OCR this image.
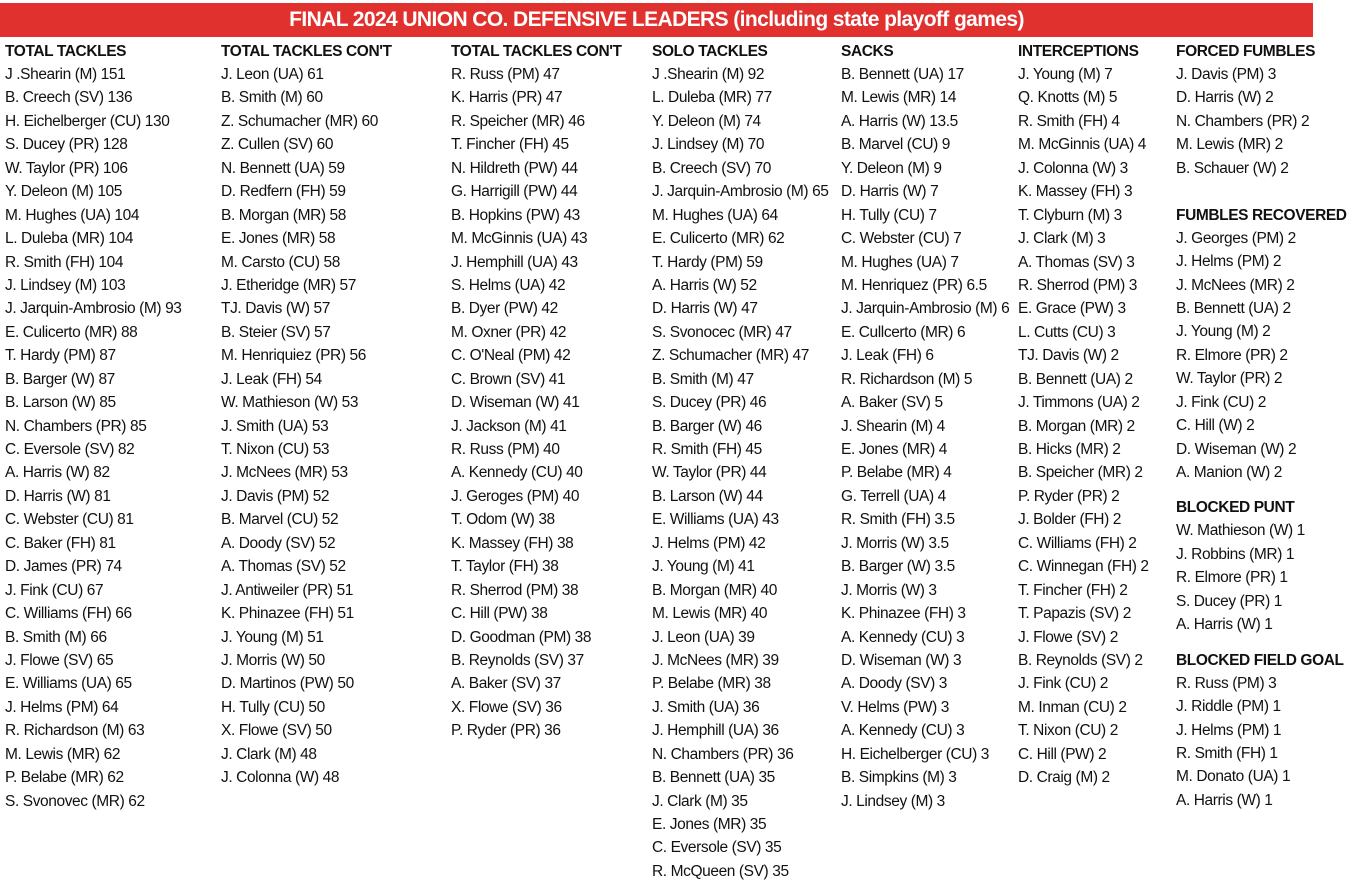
FINAL 2024 UNION CO. DEFENSIVE LEADERS (including state playoff games)
TOTAL TACKLES
J .Shearin (M) 151
B. Creech (SV) 136
H. Eichelberger (CU) 130
S. Ducey (PR) 128
W. Taylor (PR) 106
Y. Deleon (M) 105
M. Hughes (UA) 104
L. Duleba (MR) 104
R. Smith (FH) 104
J. Lindsey (M) 103
J. Jarquin-Ambrosio (M) 93
E. Culicerto (MR) 88
T. Hardy (PM) 87
B. Barger (W) 87
B. Larson (W) 85
N. Chambers (PR) 85
C. Eversole (SV) 82
A. Harris (W) 82
D. Harris (W) 81
C. Webster (CU) 81
C. Baker (FH) 81
D. James (PR) 74
J. Fink (CU) 67
C. Williams (FH) 66
B. Smith (M) 66
J. Flowe (SV) 65
E. Williams (UA) 65
J. Helms (PM) 64
R. Richardson (M) 63
M. Lewis (MR) 62
P. Belabe (MR) 62
S. Svonovec (MR) 62
TOTAL TACKLES CON'T
J. Leon (UA) 61
B. Smith (M) 60
Z. Schumacher (MR) 60
Z. Cullen (SV) 60
N. Bennett (UA) 59
D. Redfern (FH) 59
B. Morgan (MR) 58
E. Jones (MR) 58
M. Carsto (CU) 58
J. Etheridge (MR) 57
TJ. Davis (W) 57
B. Steier (SV) 57
M. Henriquiez (PR) 56
J. Leak (FH) 54
W. Mathieson (W) 53
J. Smith (UA) 53
T. Nixon (CU) 53
J. McNees (MR) 53
J. Davis (PM) 52
B. Marvel (CU) 52
A. Doody (SV) 52
A. Thomas (SV) 52
J. Antiweiler (PR) 51
K. Phinazee (FH) 51
J. Young (M) 51
J. Morris (W) 50
D. Martinos (PW) 50
H. Tully (CU) 50
X. Flowe (SV) 50
J. Clark (M) 48
J. Colonna (W) 48
TOTAL TACKLES CON'T
R. Russ (PM) 47
K. Harris (PR) 47
R. Speicher (MR) 46
T. Fincher (FH) 45
N. Hildreth (PW) 44
G. Harrigill (PW) 44
B. Hopkins (PW) 43
M. McGinnis (UA) 43
J. Hemphill (UA) 43
S. Helms (UA) 42
B. Dyer (PW) 42
M. Oxner (PR) 42
C. O'Neal (PM) 42
C. Brown (SV) 41
D. Wiseman (W) 41
J. Jackson (M) 41
R. Russ (PM) 40
A. Kennedy (CU) 40
J. Geroges (PM) 40
T. Odom (W) 38
K. Massey (FH) 38
T. Taylor (FH) 38
R. Sherrod (PM) 38
C. Hill (PW) 38
D. Goodman (PM) 38
B. Reynolds (SV) 37
A. Baker (SV) 37
X. Flowe (SV) 36
P. Ryder (PR) 36
SOLO TACKLES
J .Shearin (M) 92
L. Duleba (MR) 77
Y. Deleon (M) 74
J. Lindsey (M) 70
B. Creech (SV) 70
J. Jarquin-Ambrosio (M) 65
M. Hughes (UA) 64
E. Culicerto (MR) 62
T. Hardy (PM) 59
A. Harris (W) 52
D. Harris (W) 47
S. Svonocec (MR) 47
Z. Schumacher (MR) 47
B. Smith (M) 47
S. Ducey (PR) 46
B. Barger (W) 46
R. Smith (FH) 45
W. Taylor (PR) 44
B. Larson (W) 44
E. Williams (UA) 43
J. Helms (PM) 42
J. Young (M) 41
B. Morgan (MR) 40
M. Lewis (MR) 40
J. Leon (UA) 39
J. McNees (MR) 39
P. Belabe (MR) 38
J. Smith (UA) 36
J. Hemphill (UA) 36
N. Chambers (PR) 36
B. Bennett (UA) 35
J. Clark (M) 35
E. Jones (MR) 35
C. Eversole (SV) 35
R. McQueen (SV) 35
SACKS
B. Bennett (UA) 17
M. Lewis (MR) 14
A. Harris (W) 13.5
B. Marvel (CU) 9
Y. Deleon (M) 9
D. Harris (W) 7
H. Tully (CU) 7
C. Webster (CU) 7
M. Hughes (UA) 7
M. Henriquez (PR) 6.5
J. Jarquin-Ambrosio (M) 6
E. Cullcerto (MR) 6
J. Leak (FH) 6
R. Richardson (M) 5
A. Baker (SV) 5
J. Shearin (M) 4
E. Jones (MR) 4
P. Belabe (MR) 4
G. Terrell (UA) 4
R. Smith (FH) 3.5
J. Morris (W) 3.5
B. Barger (W) 3.5
J. Morris (W) 3
K. Phinazee (FH) 3
A. Kennedy (CU) 3
D. Wiseman (W) 3
A. Doody (SV) 3
V. Helms (PW) 3
A. Kennedy (CU) 3
H. Eichelberger (CU) 3
B. Simpkins (M) 3
J. Lindsey (M) 3
INTERCEPTIONS
J. Young (M) 7
Q. Knotts (M) 5
R. Smith (FH) 4
M. McGinnis (UA) 4
J. Colonna (W) 3
K. Massey (FH) 3
T. Clyburn (M) 3
J. Clark (M) 3
A. Thomas (SV) 3
R. Sherrod (PM) 3
E. Grace (PW) 3
L. Cutts (CU) 3
TJ. Davis (W) 2
B. Bennett (UA) 2
J. Timmons (UA) 2
B. Morgan (MR) 2
B. Hicks (MR) 2
B. Speicher (MR) 2
P. Ryder (PR) 2
J. Bolder (FH) 2
C. Williams (FH) 2
C. Winnegan (FH) 2
T. Fincher (FH) 2
T. Papazis (SV) 2
J. Flowe (SV) 2
B. Reynolds (SV) 2
J. Fink (CU) 2
M. Inman (CU) 2
T. Nixon (CU) 2
C. Hill (PW) 2
D. Craig (M) 2
FORCED FUMBLES
J. Davis (PM) 3
D. Harris (W) 2
N. Chambers (PR) 2
M. Lewis (MR) 2
B. Schauer (W) 2
FUMBLES RECOVERED
J. Georges (PM) 2
J. Helms (PM) 2
J. McNees (MR) 2
B. Bennett (UA) 2
J. Young (M) 2
R. Elmore (PR) 2
W. Taylor (PR) 2
J. Fink (CU) 2
C. Hill (W) 2
D. Wiseman (W) 2
A. Manion (W) 2
BLOCKED PUNT
W. Mathieson (W) 1
J. Robbins (MR) 1
R. Elmore (PR) 1
S. Ducey (PR) 1
A. Harris (W) 1
BLOCKED FIELD GOAL
R. Russ (PM) 3
J. Riddle (PM) 1
J. Helms (PM) 1
R. Smith (FH) 1
M. Donato (UA) 1
A. Harris (W) 1
